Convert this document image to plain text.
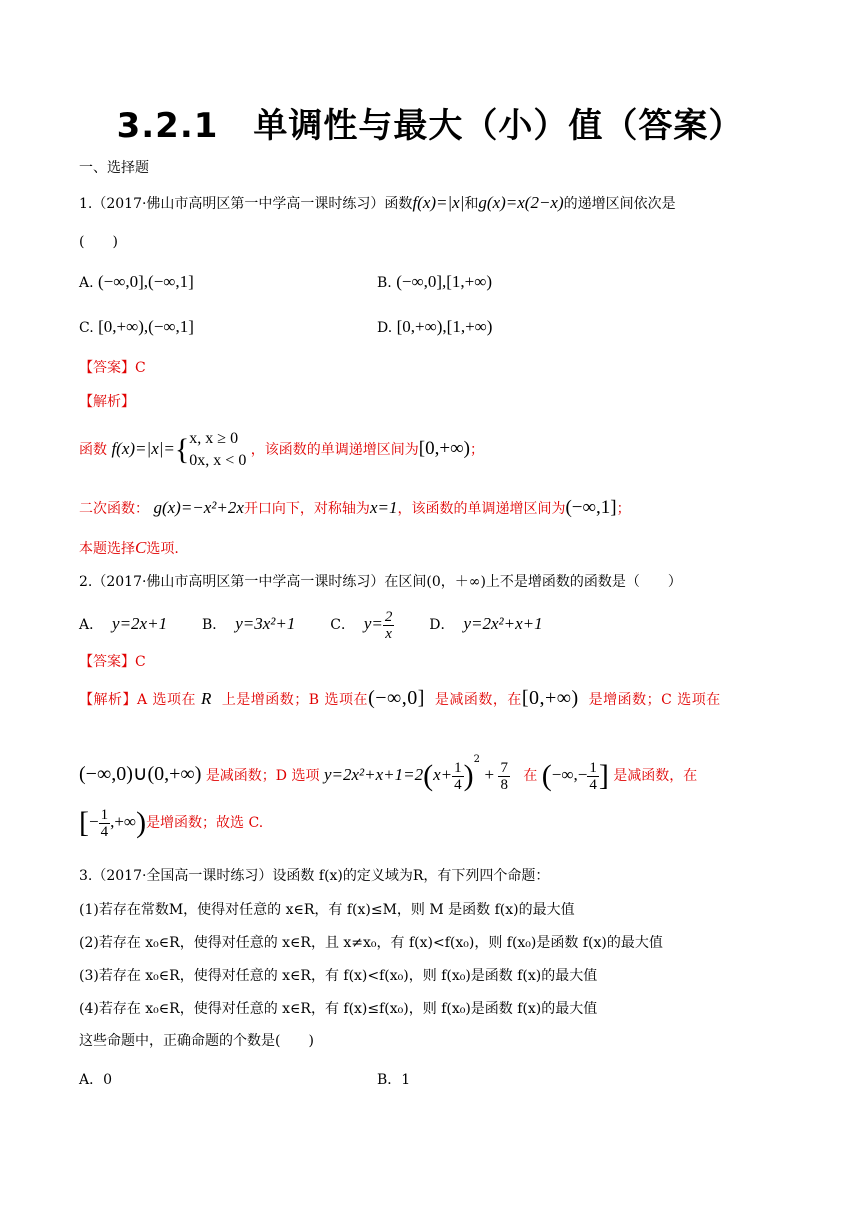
3.2.1　单调性与最大（小）值（答案）
一、选择题
1.（2017·佛山市高明区第一中学高一课时练习）函数f(x)=|x|和g(x)=x(2−x)的递增区间依次是
(　　)
A. (−∞,0],(−∞,1]	B. (−∞,0],[1,+∞)
C. [0,+∞),(−∞,1]	D. [0,+∞),[1,+∞)
【答案】C
【解析】
函数 f(x)=|x|={ x, x ≥ 0
0x, x < 0
，该函数的单调递增区间为[0,+∞)；
二次函数： g(x)=−x²+2x开口向下，对称轴为x=1，该函数的单调递增区间为(−∞,1]；
本题选择C选项.
2.（2017·佛山市高明区第一中学高一课时练习）在区间(0，＋∞)上不是增函数的函数是（　　）
A． y=2x+1 B． y=3x²+1 C． $y= \frac{2}{x}$ D． y=2x²+x+1
【答案】C
【解析】A 选项在 R 上是增函数；B 选项在(−∞,0] 是减函数，在[0,+∞) 是增函数；C 选项在
(−∞,0)∪(0,+∞) 是减函数；D 选项 $y=2x^2+x+1=2(x+ \frac{1}{4} )^2 + \frac{7}{8}$ 在 (−∞,− $\frac{1}{4}$ ] 是减函数，在
[− $\frac{1}{4}$ ,+∞)是增函数；故选 C.
3.（2017·全国高一课时练习）设函数 f(x)的定义域为R，有下列四个命题：
(1)若存在常数M，使得对任意的 x∈R，有 f(x)≤M，则 M 是函数 f(x)的最大值
(2)若存在 x₀∈R，使得对任意的 x∈R，且 x≠x₀，有 f(x)<f(x₀)，则 f(x₀)是函数 f(x)的最大值
(3)若存在 x₀∈R，使得对任意的 x∈R，有 f(x)<f(x₀)，则 f(x₀)是函数 f(x)的最大值
(4)若存在 x₀∈R，使得对任意的 x∈R，有 f(x)≤f(x₀)，则 f(x₀)是函数 f(x)的最大值
这些命题中，正确命题的个数是(　　)
A．0	B．1
